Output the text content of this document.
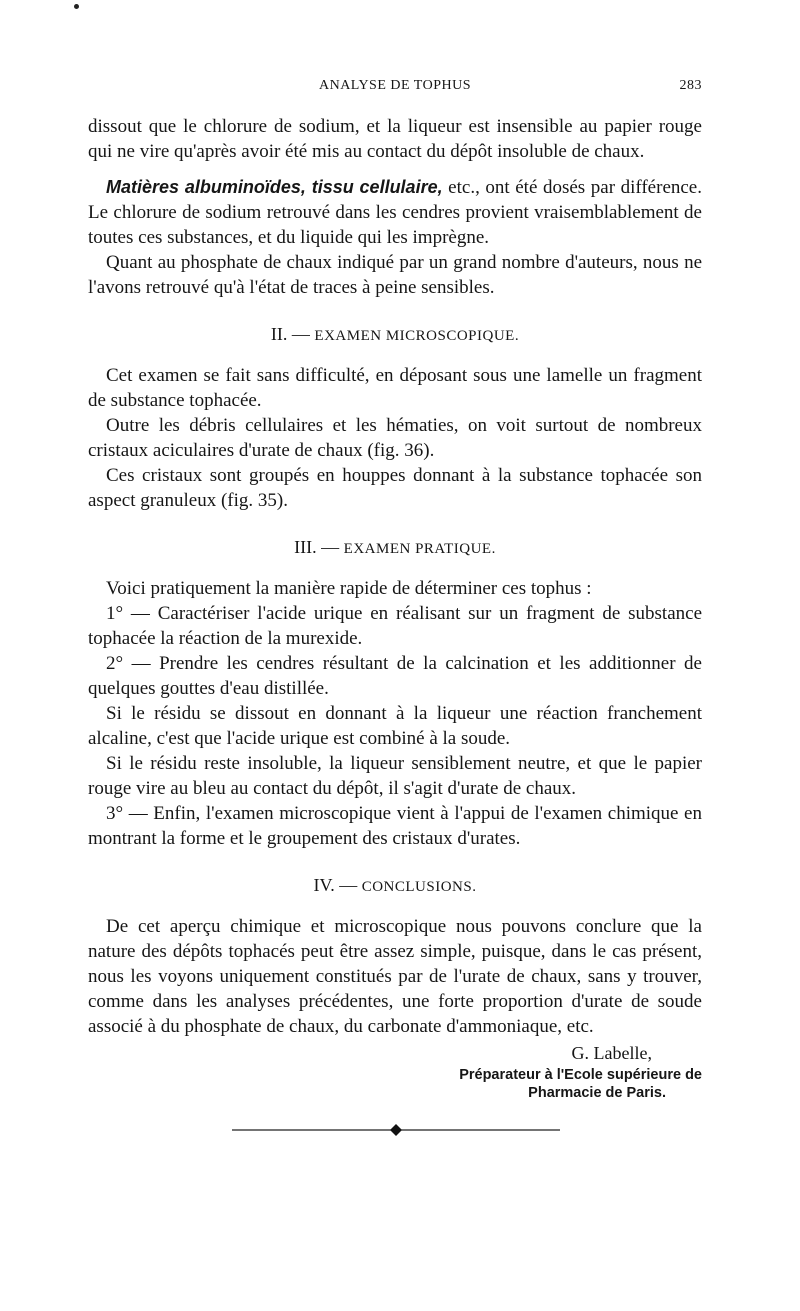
ANALYSE DE TOPHUS	283

dissout que le chlorure de sodium, et la liqueur est insensible au papier rouge qui ne vire qu'après avoir été mis au contact du dépôt insoluble de chaux.

Matières albuminoïdes, tissu cellulaire, etc., ont été dosés par différence. Le chlorure de sodium retrouvé dans les cendres provient vraisemblablement de toutes ces substances, et du liquide qui les imprègne.

Quant au phosphate de chaux indiqué par un grand nombre d'auteurs, nous ne l'avons retrouvé qu'à l'état de traces à peine sensibles.

II. — EXAMEN MICROSCOPIQUE.

Cet examen se fait sans difficulté, en déposant sous une lamelle un fragment de substance tophacée.

Outre les débris cellulaires et les hématies, on voit surtout de nombreux cristaux aciculaires d'urate de chaux (fig. 36).

Ces cristaux sont groupés en houppes donnant à la substance tophacée son aspect granuleux (fig. 35).

III. — EXAMEN PRATIQUE.

Voici pratiquement la manière rapide de déterminer ces tophus :

1° — Caractériser l'acide urique en réalisant sur un fragment de substance tophacée la réaction de la murexide.

2° — Prendre les cendres résultant de la calcination et les additionner de quelques gouttes d'eau distillée.

Si le résidu se dissout en donnant à la liqueur une réaction franchement alcaline, c'est que l'acide urique est combiné à la soude.

Si le résidu reste insoluble, la liqueur sensiblement neutre, et que le papier rouge vire au bleu au contact du dépôt, il s'agit d'urate de chaux.

3° — Enfin, l'examen microscopique vient à l'appui de l'examen chimique en montrant la forme et le groupement des cristaux d'urates.

IV. — CONCLUSIONS.

De cet aperçu chimique et microscopique nous pouvons conclure que la nature des dépôts tophacés peut être assez simple, puisque, dans le cas présent, nous les voyons uniquement constitués par de l'urate de chaux, sans y trouver, comme dans les analyses précédentes, une forte proportion d'urate de soude associé à du phosphate de chaux, du carbonate d'ammoniaque, etc.

G. Labelle,
Préparateur à l'Ecole supérieure de
Pharmacie de Paris.
